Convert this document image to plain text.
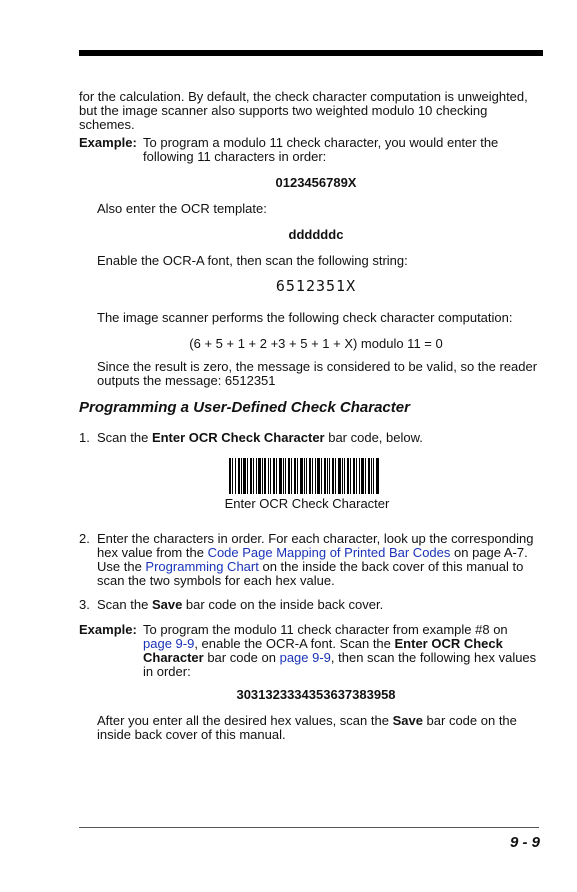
for the calculation. By default, the check character computation is unweighted,
but the image scanner also supports two weighted modulo 10 checking
schemes.
Example: To program a modulo 11 check character, you would enter the
following 11 characters in order:
0123456789X
Also enter the OCR template:
ddddddc
Enable the OCR-A font, then scan the following string:
6512351X
The image scanner performs the following check character computation:
(6 + 5 + 1 + 2 +3 + 5 + 1 + X) modulo 11 = 0
Since the result is zero, the message is considered to be valid, so the reader
outputs the message: 6512351
Programming a User-Defined Check Character
1. Scan the Enter OCR Check Character bar code, below.
Enter OCR Check Character
2. Enter the characters in order. For each character, look up the corresponding
hex value from the Code Page Mapping of Printed Bar Codes on page A-7.
Use the Programming Chart on the inside the back cover of this manual to
scan the two symbols for each hex value.
3. Scan the Save bar code on the inside back cover.
Example: To program the modulo 11 check character from example #8 on
page 9-9, enable the OCR-A font. Scan the Enter OCR Check
Character bar code on page 9-9, then scan the following hex values
in order:
3031323334353637383958
After you enter all the desired hex values, scan the Save bar code on the
inside back cover of this manual.
9 - 9
